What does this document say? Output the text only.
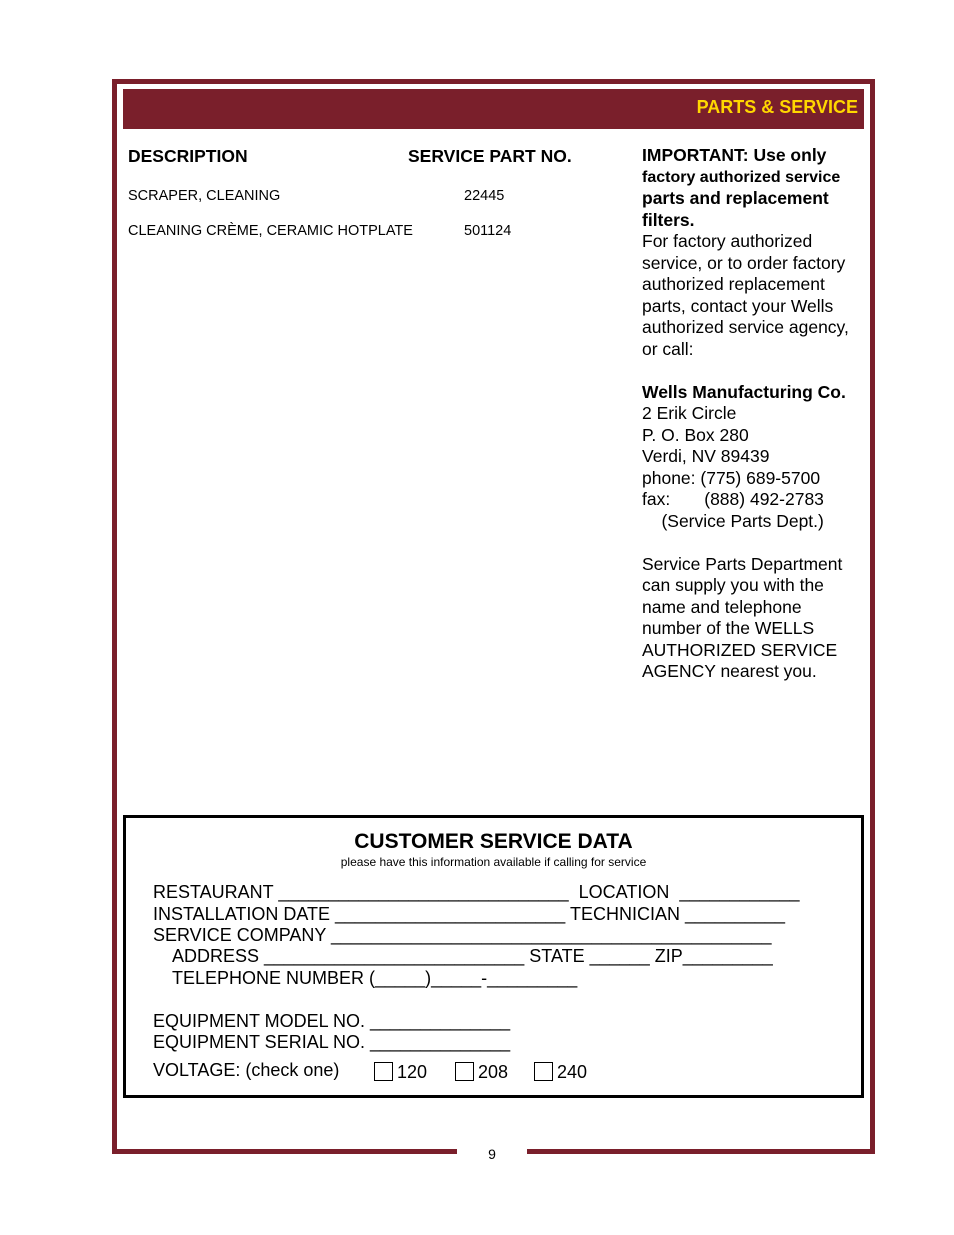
9
PARTS & SERVICE
DESCRIPTION	SERVICE PART NO.
SCRAPER, CLEANING	22445
CLEANING CRÈME, CERAMIC HOTPLATE	501124
IMPORTANT: Use only
factory authorized service
parts and replacement
filters.
For factory authorized
service, or to order factory
authorized replacement
parts, contact your Wells
authorized service agency,
or call:
Wells Manufacturing Co.
2 Erik Circle
P. O. Box 280
Verdi, NV 89439
phone: (775) 689-5700
fax:       (888) 492-2783
(Service Parts Dept.)
Service Parts Department
can supply you with the
name and telephone
number of the WELLS
AUTHORIZED SERVICE
AGENCY nearest you.
CUSTOMER SERVICE DATA
please have this information available if calling for service
RESTAURANT _____________________________  LOCATION  ____________
INSTALLATION DATE _______________________ TECHNICIAN __________
SERVICE COMPANY ____________________________________________
ADDRESS __________________________ STATE ______ ZIP_________
TELEPHONE NUMBER (_____)_____-_________
EQUIPMENT MODEL NO. ______________
EQUIPMENT SERIAL NO. ______________
VOLTAGE: (check one)	120	208	240
